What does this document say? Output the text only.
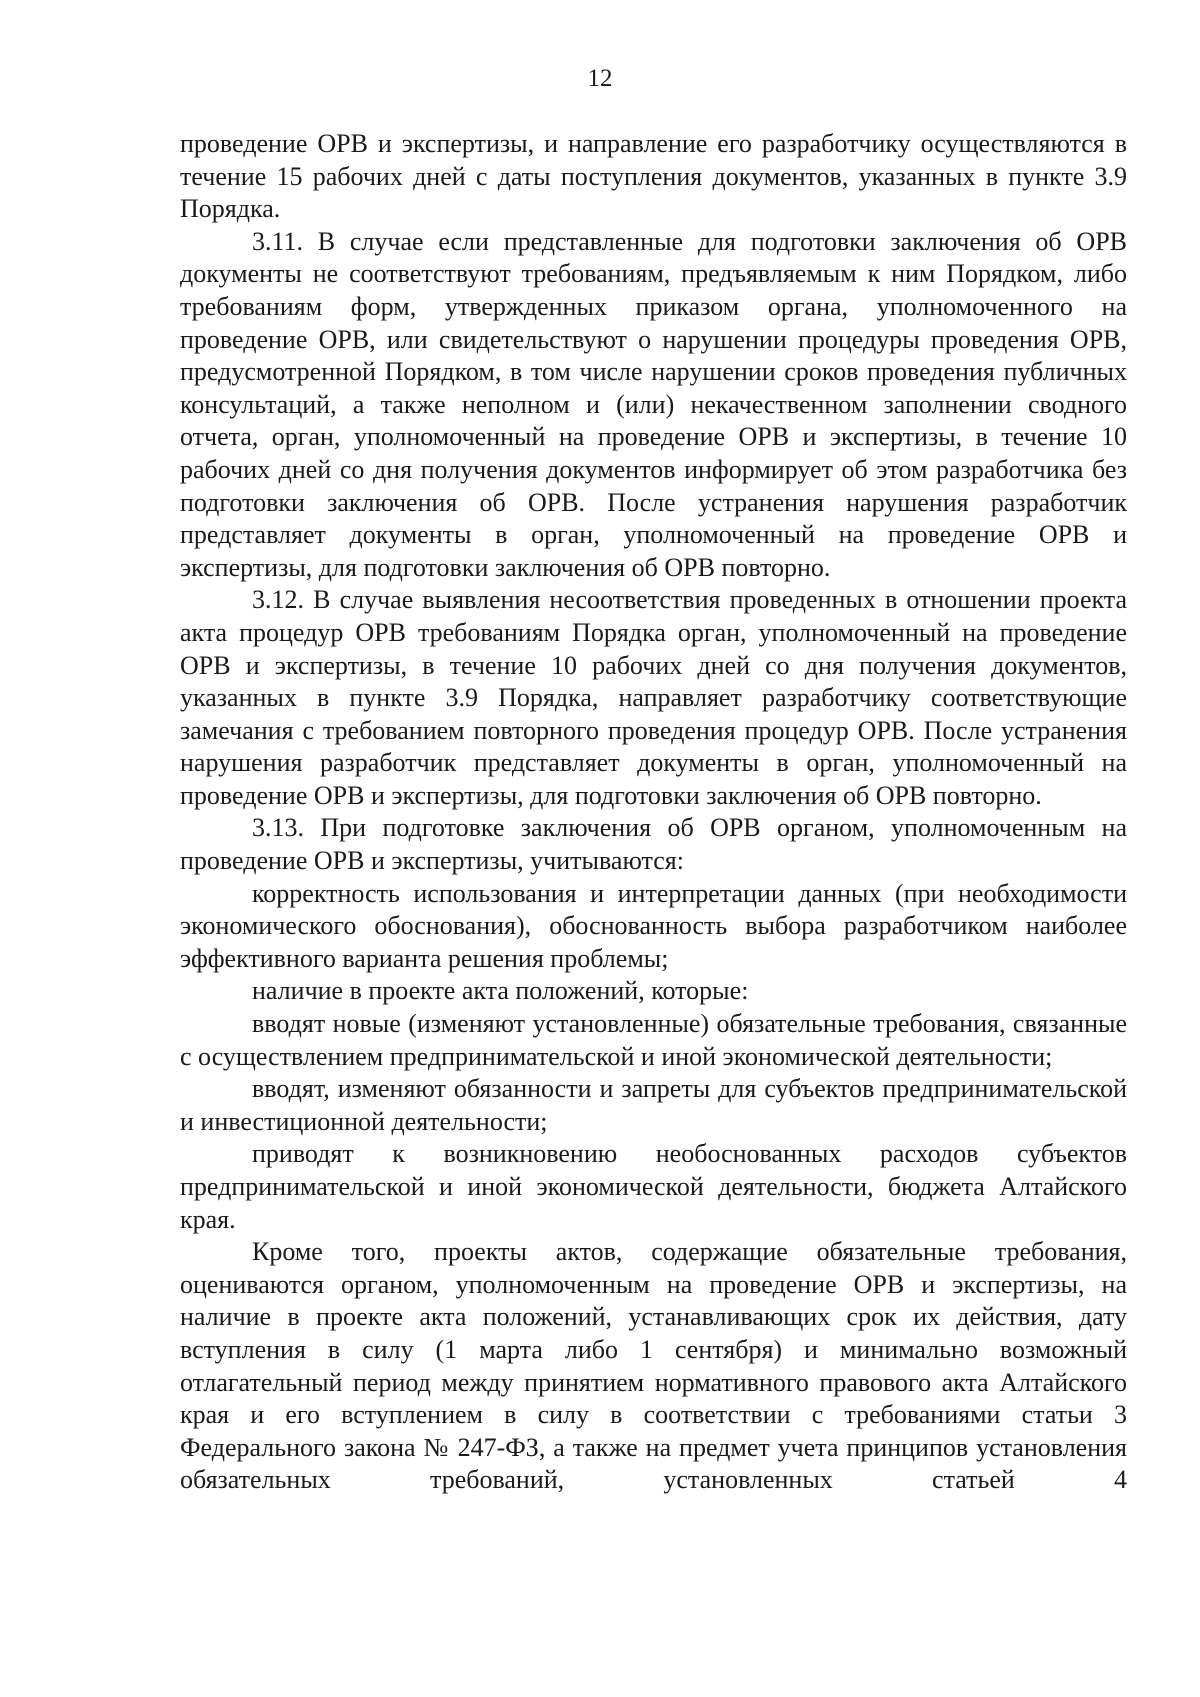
12

проведение ОРВ и экспертизы, и направление его разработчику осуществляются в течение 15 рабочих дней с даты поступления документов, указанных в пункте 3.9 Порядка.

3.11. В случае если представленные для подготовки заключения об ОРВ документы не соответствуют требованиям, предъявляемым к ним Порядком, либо требованиям форм, утвержденных приказом органа, уполномоченного на проведение ОРВ, или свидетельствуют о нарушении процедуры проведения ОРВ, предусмотренной Порядком, в том числе нарушении сроков проведения публичных консультаций, а также неполном и (или) некачественном заполнении сводного отчета, орган, уполномоченный на проведение ОРВ и экспертизы, в течение 10 рабочих дней со дня получения документов информирует об этом разработчика без подготовки заключения об ОРВ. После устранения нарушения разработчик представляет документы в орган, уполномоченный на проведение ОРВ и экспертизы, для подготовки заключения об ОРВ повторно.

3.12. В случае выявления несоответствия проведенных в отношении проекта акта процедур ОРВ требованиям Порядка орган, уполномоченный на проведение ОРВ и экспертизы, в течение 10 рабочих дней со дня получения документов, указанных в пункте 3.9 Порядка, направляет разработчику соответствующие замечания с требованием повторного проведения процедур ОРВ. После устранения нарушения разработчик представляет документы в орган, уполномоченный на проведение ОРВ и экспертизы, для подготовки заключения об ОРВ повторно.

3.13. При подготовке заключения об ОРВ органом, уполномоченным на проведение ОРВ и экспертизы, учитываются:

корректность использования и интерпретации данных (при необходимости экономического обоснования), обоснованность выбора разработчиком наиболее эффективного варианта решения проблемы;

наличие в проекте акта положений, которые:

вводят новые (изменяют установленные) обязательные требования, связанные с осуществлением предпринимательской и иной экономической деятельности;

вводят, изменяют обязанности и запреты для субъектов предпринимательской и инвестиционной деятельности;

приводят к возникновению необоснованных расходов субъектов предпринимательской и иной экономической деятельности, бюджета Алтайского края.

Кроме того, проекты актов, содержащие обязательные требования, оцениваются органом, уполномоченным на проведение ОРВ и экспертизы, на наличие в проекте акта положений, устанавливающих срок их действия, дату вступления в силу (1 марта либо 1 сентября) и минимально возможный отлагательный период между принятием нормативного правового акта Алтайского края и его вступлением в силу в соответствии с требованиями статьи 3 Федерального закона № 247-ФЗ, а также на предмет учета принципов установления обязательных требований, установленных статьей 4
